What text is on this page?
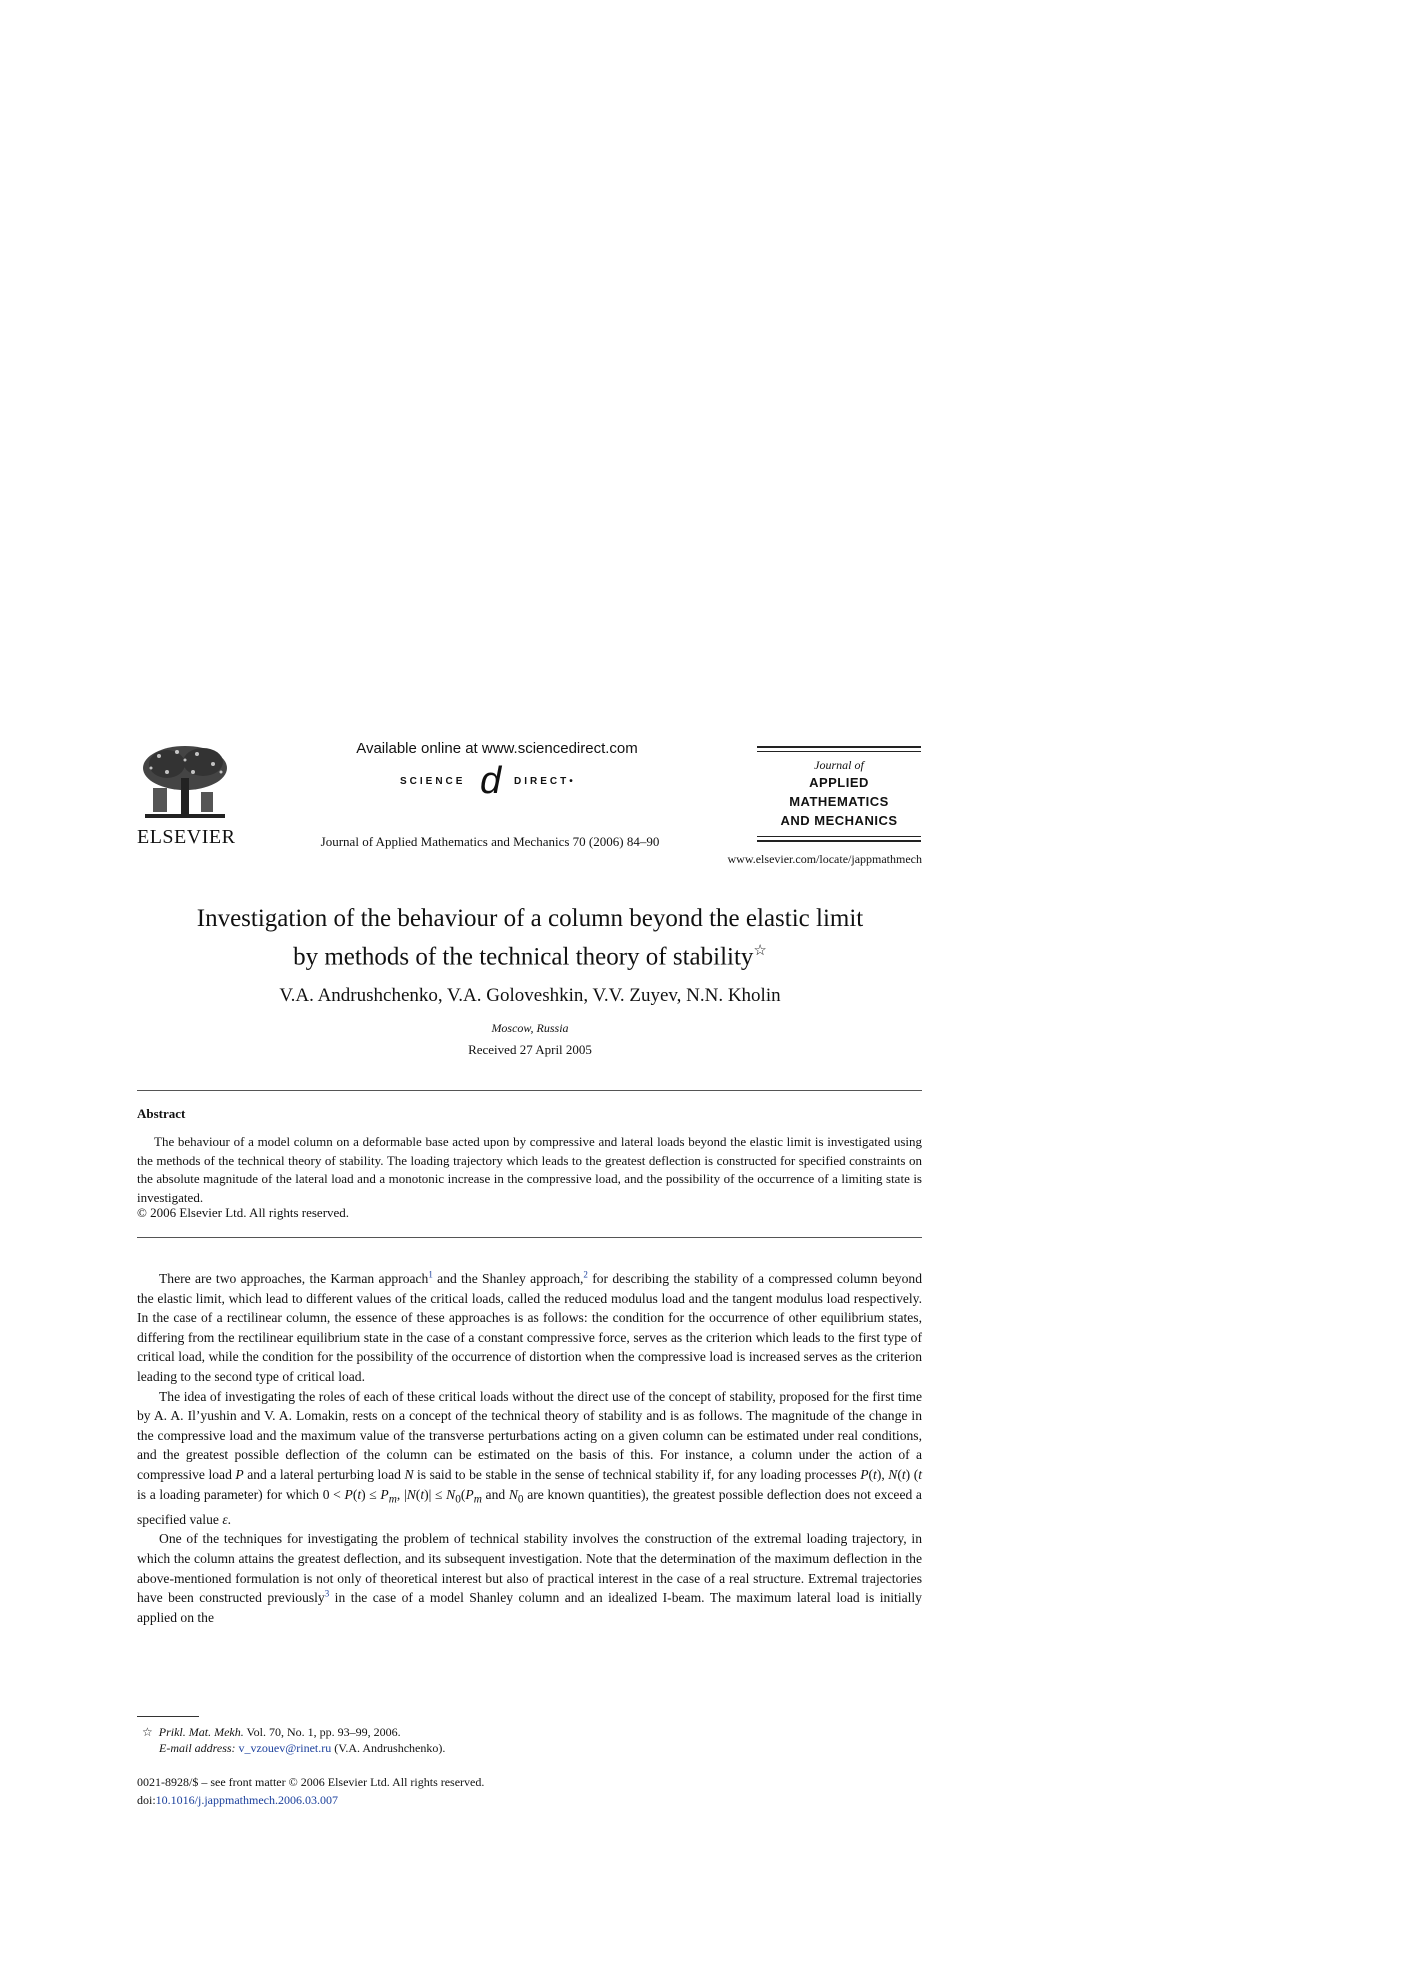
ELSEVIER
Available online at www.sciencedirect.com
SCIENCE d DIRECT•
Journal of Applied Mathematics and Mechanics 70 (2006) 84–90
Journal of
APPLIED
MATHEMATICS
AND MECHANICS
www.elsevier.com/locate/jappmathmech
Investigation of the behaviour of a column beyond the elastic limit
by methods of the technical theory of stability☆
V.A. Andrushchenko, V.A. Goloveshkin, V.V. Zuyev, N.N. Kholin
Moscow, Russia
Received 27 April 2005
Abstract
The behaviour of a model column on a deformable base acted upon by compressive and lateral loads beyond the elastic limit is investigated using the methods of the technical theory of stability. The loading trajectory which leads to the greatest deflection is constructed for specified constraints on the absolute magnitude of the lateral load and a monotonic increase in the compressive load, and the possibility of the occurrence of a limiting state is investigated.
© 2006 Elsevier Ltd. All rights reserved.

There are two approaches, the Karman approach$^1$ and the Shanley approach,$^2$ for describing the stability of a compressed column beyond the elastic limit, which lead to different values of the critical loads, called the reduced modulus load and the tangent modulus load respectively. In the case of a rectilinear column, the essence of these approaches is as follows: the condition for the occurrence of other equilibrium states, differing from the rectilinear equilibrium state in the case of a constant compressive force, serves as the criterion which leads to the first type of critical load, while the condition for the possibility of the occurrence of distortion when the compressive load is increased serves as the criterion leading to the second type of critical load.

The idea of investigating the roles of each of these critical loads without the direct use of the concept of stability, proposed for the first time by A. A. Il’yushin and V. A. Lomakin, rests on a concept of the technical theory of stability and is as follows. The magnitude of the change in the compressive load and the maximum value of the transverse perturbations acting on a given column can be estimated under real conditions, and the greatest possible deflection of the column can be estimated on the basis of this. For instance, a column under the action of a compressive load P and a lateral perturbing load N is said to be stable in the sense of technical stability if, for any loading processes P(t), N(t) (t is a loading parameter) for which $0 < P(t) \le P_m$, $|N(t)| \le N_0(P_m$ and $N_0$ are known quantities), the greatest possible deflection does not exceed a specified value ε.

One of the techniques for investigating the problem of technical stability involves the construction of the extremal loading trajectory, in which the column attains the greatest deflection, and its subsequent investigation. Note that the determination of the maximum deflection in the above-mentioned formulation is not only of theoretical interest but also of practical interest in the case of a real structure. Extremal trajectories have been constructed previously$^3$ in the case of a model Shanley column and an idealized I-beam. The maximum lateral load is initially applied on the

☆ Prikl. Mat. Mekh. Vol. 70, No. 1, pp. 93–99, 2006.
E-mail address: v_vzouev@rinet.ru (V.A. Andrushchenko).
0021-8928/$ – see front matter © 2006 Elsevier Ltd. All rights reserved.
doi:10.1016/j.jappmathmech.2006.03.007
